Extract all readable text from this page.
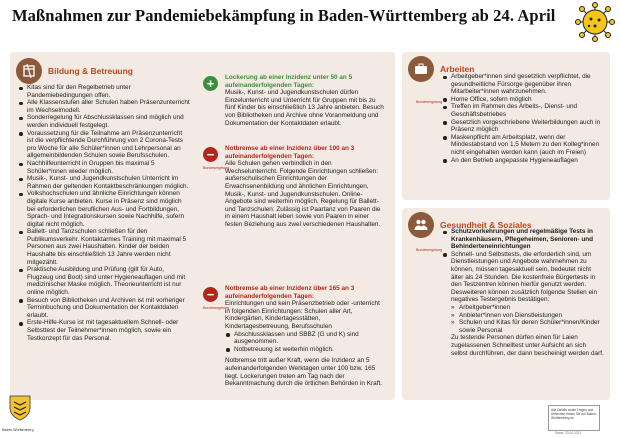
Maßnahmen zur Pandemiebekämpfung in Baden-Württemberg ab 24. April
Bildung & Betreuung
Kitas sind für den Regelbetrieb unter Pandemiebedingungen offen.
Alle Klassenstufen aller Schulen haben Präsenzunterricht im Wechselmodell.
Sonderregelung für Abschlussklassen sind möglich und werden individuell festgelegt.
Voraussetzung für die Teilnahme am Präsenzunterricht ist die verpflichtende Durchführung von 2 Corona-Tests pro Woche für alle Schüler*innen und Lehrpersonal an allgemeinbildenden Schulen sowie Berufsschulen.
Nachhilfeunterricht in Gruppen bis maximal 5 Schüler*innen wieder möglich.
Musik-, Kunst- und Jugendkunstschulen Unterricht im Rahmen der geltenden Kontaktbeschränkungen möglich.
Volkshochschulen und ähnliche Einrichtungen können digitale Kurse anbieten. Kurse in Präsenz sind möglich bei erforderlichen beruflichen Aus- und Fortbildungen, Sprach- und Integrationskursen sowie Nachhilfe, sofern digital nicht möglich.
Ballett- und Tanzschulen schließen für den Publikumsverkehr. Kontaktarmes Training mit maximal 5 Personen aus zwei Haushalten. Kinder der beiden Haushalte bis einschließlich 13 Jahre werden nicht mitgezählt.
Praktische Ausbildung und Prüfung (gilt für Auto, Flugzeug und Boot) sind unter Hygieneauflagen und mit medizinischer Maske möglich. Theorieunterricht ist nur online möglich.
Besuch von Bibliotheken und Archiven ist mit vorheriger Terminbuchung und Dokumentation der Kontaktdaten erlaubt.
Erste-Hilfe-Kurse ist mit tagesaktuellem Schnell- oder Selbsttest der Teilnehmer*innen möglich, sowie ein Testkonzept für das Personal.
+	Lockerung ab einer Inzidenz unter 50 an 5 aufeinanderfolgenden Tagen:
Musik-, Kunst- und Jugendkunstschulen dürfen Einzelunterricht und Unterricht für Gruppen mit bis zu fünf Kinder bis einschließlich 13 Jahre anbieten. Besuch von Bibliotheken und Archive ohne Voranmeldung und Dokumentation der Kontaktdaten erlaubt.
−
Bundesregelung
Notbremse ab einer Inzidenz über 100 an 3 aufeinanderfolgenden Tagen:
Alle Schulen gehen verbindlich in den Wechselunterricht. Folgende Einrichtungen schließen: außerschulischen Einrichtungen der Erwachsenenbildung und ähnlichen Einrichtungen, Musik-, Kunst- und Jugendkunstschulen. Online-Angebote sind weiterhin möglich. Regelung für Ballett- und Tanzschulen: Zulässig ist Paartanz von Paaren die in einem Haushalt leben sowie von Paaren in einer festen Beziehung aus zwei verschiedenen Haushalten.
−
Bundesregelung
Notbremse ab einer Inzidenz über 165 an 3 aufeinanderfolgenden Tagen:
Einrichtungen und kein Präsenzbetrieb oder -unterricht in folgenden Einrichtungen: Schulen aller Art, Kindergärten, Kindertagesstätten, Kindertagesbetreuung, Berufsschulen
Abschlussklassen und SBBZ (G und K) sind ausgenommen.
Notbetreuung ist weiterhin möglich.
Notbremse tritt außer Kraft, wenn die Inzidenz an 5 aufeinanderfolgenden Werktagen unter 100 bzw. 165 liegt. Lockerungen treten am Tag nach der Bekanntmachung durch die örtlichen Behörden in Kraft.
Arbeiten
Bundesregelung
Arbeitgeber*innen sind gesetzlich verpflichtet, die gesundheitliche Fürsorge gegenüber ihren Mitarbeiter*innen wahrzunehmen.
Home Office, sofern möglich
Treffen im Rahmen des Arbeits-, Dienst- und Geschäftsbetriebes
Gesetzlich vorgeschriebene Weiterbildungen auch in Präsenz möglich
Maskenpflicht am Arbeitsplatz, wenn der Mindestabstand von 1,5 Metern zu den Kolleg*innen nicht eingehalten werden kann (auch im Freien)
An den Betrieb angepasste Hygieneauflagen
Gesundheit & Soziales
Bundesregelung
Schutzvorkehrungen und regelmäßige Tests in Krankenhäusern, Pflegeheimen, Senioren- und Behinderteneinrichtungen
Schnell- und Selbsttests, die erforderlich sind, um Dienstleistungen und Angebote wahrnehmen zu können, müssen tagesaktuell sein, bedeutet nicht älter als 24 Stunden. Die kostenfreie Bürgertests in den Testzentren können hierfür genutzt werden. Desweiteren können zusätzlich folgende Stellen ein negatives Testergebnis bestätigen:
» Arbeitgeber*innen
» Anbieter*innen von Dienstleistungen
» Schulen und Kitas für deren Schüler*innen/Kinder sowie Personal
Zu testende Personen dürfen einen für Laien zugelassenen Schnelltest unter Aufsicht an sich selbst durchführen, der dann bescheinigt werden darf.
Baden-Württemberg
Alle Details sowie Fragen und Antworten finden Sie auf Baden-Württemberg.de
Stand: 23.04.2021
